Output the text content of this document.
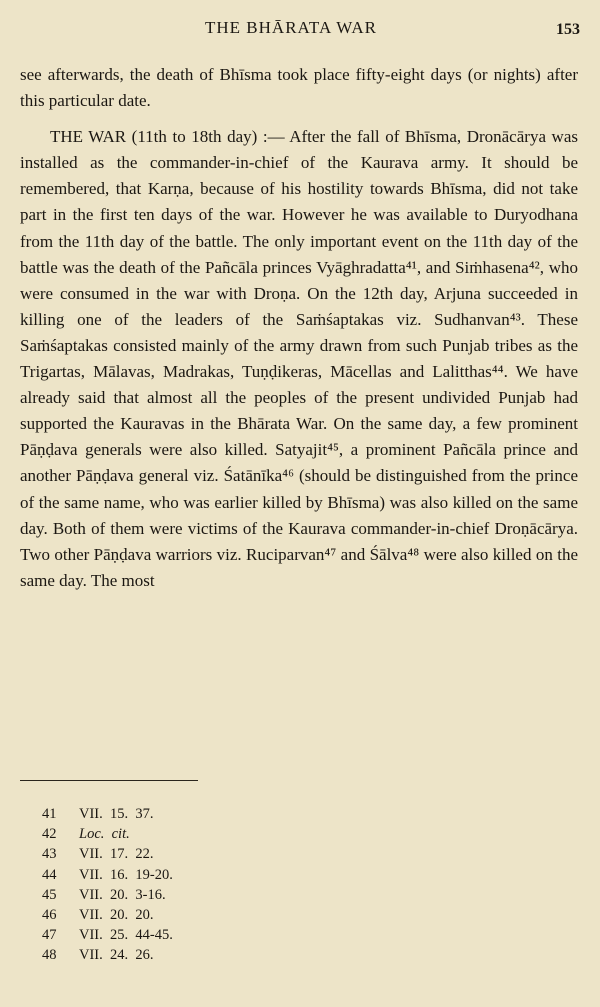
THE BHĀRATA WAR	153

see afterwards, the death of Bhīsma took place fifty-eight days (or nights) after this particular date.

THE WAR (11th to 18th day) :— After the fall of Bhīsma, Dronācārya was installed as the commander-in-chief of the Kaurava army. It should be remembered, that Karṇa, because of his hostility towards Bhīsma, did not take part in the first ten days of the war. However he was available to Duryodhana from the 11th day of the battle. The only important event on the 11th day of the battle was the death of the Pañcāla princes Vyāghradatta⁴¹, and Siṁhasena⁴², who were consumed in the war with Droṇa. On the 12th day, Arjuna succeeded in killing one of the leaders of the Saṁśaptakas viz. Sudhanvan⁴³. These Saṁśaptakas consisted mainly of the army drawn from such Punjab tribes as the Trigartas, Mālavas, Madrakas, Tuṇḍikeras, Mācellas and Lalitthas⁴⁴. We have already said that almost all the peoples of the present undivided Punjab had supported the Kauravas in the Bhārata War. On the same day, a few prominent Pāṇḍava generals were also killed. Satyajit⁴⁵, a prominent Pañcāla prince and another Pāṇḍava general viz. Śatānīka⁴⁶ (should be distinguished from the prince of the same name, who was earlier killed by Bhīsma) was also killed on the same day. Both of them were victims of the Kaurava commander-in-chief Droṇācārya. Two other Pāṇḍava warriors viz. Ruciparvan⁴⁷ and Śālva⁴⁸ were also killed on the same day. The most

41	VII.  15.  37.
42	Loc.  cit.
43	VII.  17.  22.
44	VII.  16.  19-20.
45	VII.  20.  3-16.
46	VII.  20.  20.
47	VII.  25.  44-45.
48	VII.  24.  26.
